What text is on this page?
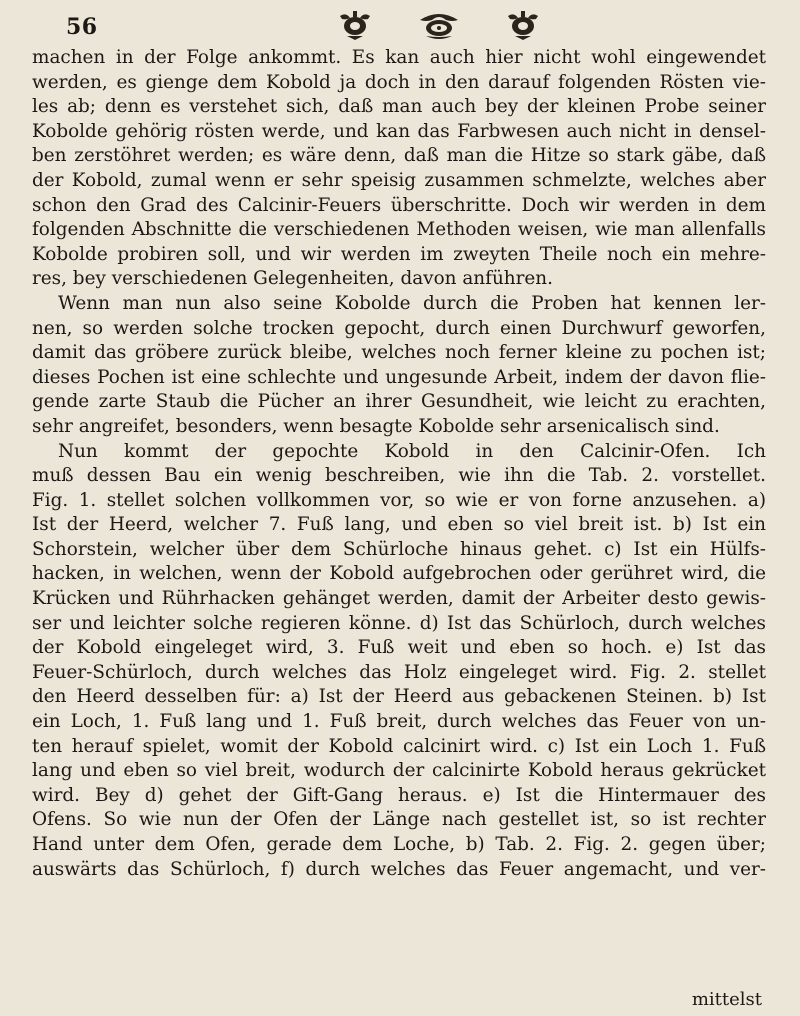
56
machen in der Folge ankommt. Es kan auch hier nicht wohl eingewendet
werden, es gienge dem Kobold ja doch in den darauf folgenden Rösten vie-
les ab; denn es verstehet sich, daß man auch bey der kleinen Probe seiner
Kobolde gehörig rösten werde, und kan das Farbwesen auch nicht in densel-
ben zerstöhret werden; es wäre denn, daß man die Hitze so stark gäbe, daß
der Kobold, zumal wenn er sehr speisig zusammen schmelzte, welches aber
schon den Grad des Calcinir-Feuers überschritte. Doch wir werden in dem
folgenden Abschnitte die verschiedenen Methoden weisen, wie man allenfalls
Kobolde probiren soll, und wir werden im zweyten Theile noch ein mehre-
res, bey verschiedenen Gelegenheiten, davon anführen.
Wenn man nun also seine Kobolde durch die Proben hat kennen ler-
nen, so werden solche trocken gepocht, durch einen Durchwurf geworfen,
damit das gröbere zurück bleibe, welches noch ferner kleine zu pochen ist;
dieses Pochen ist eine schlechte und ungesunde Arbeit, indem der davon flie-
gende zarte Staub die Pücher an ihrer Gesundheit, wie leicht zu erachten,
sehr angreifet, besonders, wenn besagte Kobolde sehr arsenicalisch sind.
Nun kommt der gepochte Kobold in den Calcinir-Ofen. Ich
muß dessen Bau ein wenig beschreiben, wie ihn die Tab. 2. vorstellet.
Fig. 1. stellet solchen vollkommen vor, so wie er von forne anzusehen. a)
Ist der Heerd, welcher 7. Fuß lang, und eben so viel breit ist. b) Ist ein
Schorstein, welcher über dem Schürloche hinaus gehet. c) Ist ein Hülfs-
hacken, in welchen, wenn der Kobold aufgebrochen oder gerühret wird, die
Krücken und Rührhacken gehänget werden, damit der Arbeiter desto gewis-
ser und leichter solche regieren könne. d) Ist das Schürloch, durch welches
der Kobold eingeleget wird, 3. Fuß weit und eben so hoch. e) Ist das
Feuer-Schürloch, durch welches das Holz eingeleget wird. Fig. 2. stellet
den Heerd desselben für: a) Ist der Heerd aus gebackenen Steinen. b) Ist
ein Loch, 1. Fuß lang und 1. Fuß breit, durch welches das Feuer von un-
ten herauf spielet, womit der Kobold calcinirt wird. c) Ist ein Loch 1. Fuß
lang und eben so viel breit, wodurch der calcinirte Kobold heraus gekrücket
wird. Bey d) gehet der Gift-Gang heraus. e) Ist die Hintermauer des
Ofens. So wie nun der Ofen der Länge nach gestellet ist, so ist rechter
Hand unter dem Ofen, gerade dem Loche, b) Tab. 2. Fig. 2. gegen über;
auswärts das Schürloch, f) durch welches das Feuer angemacht, und ver-
mittelst
